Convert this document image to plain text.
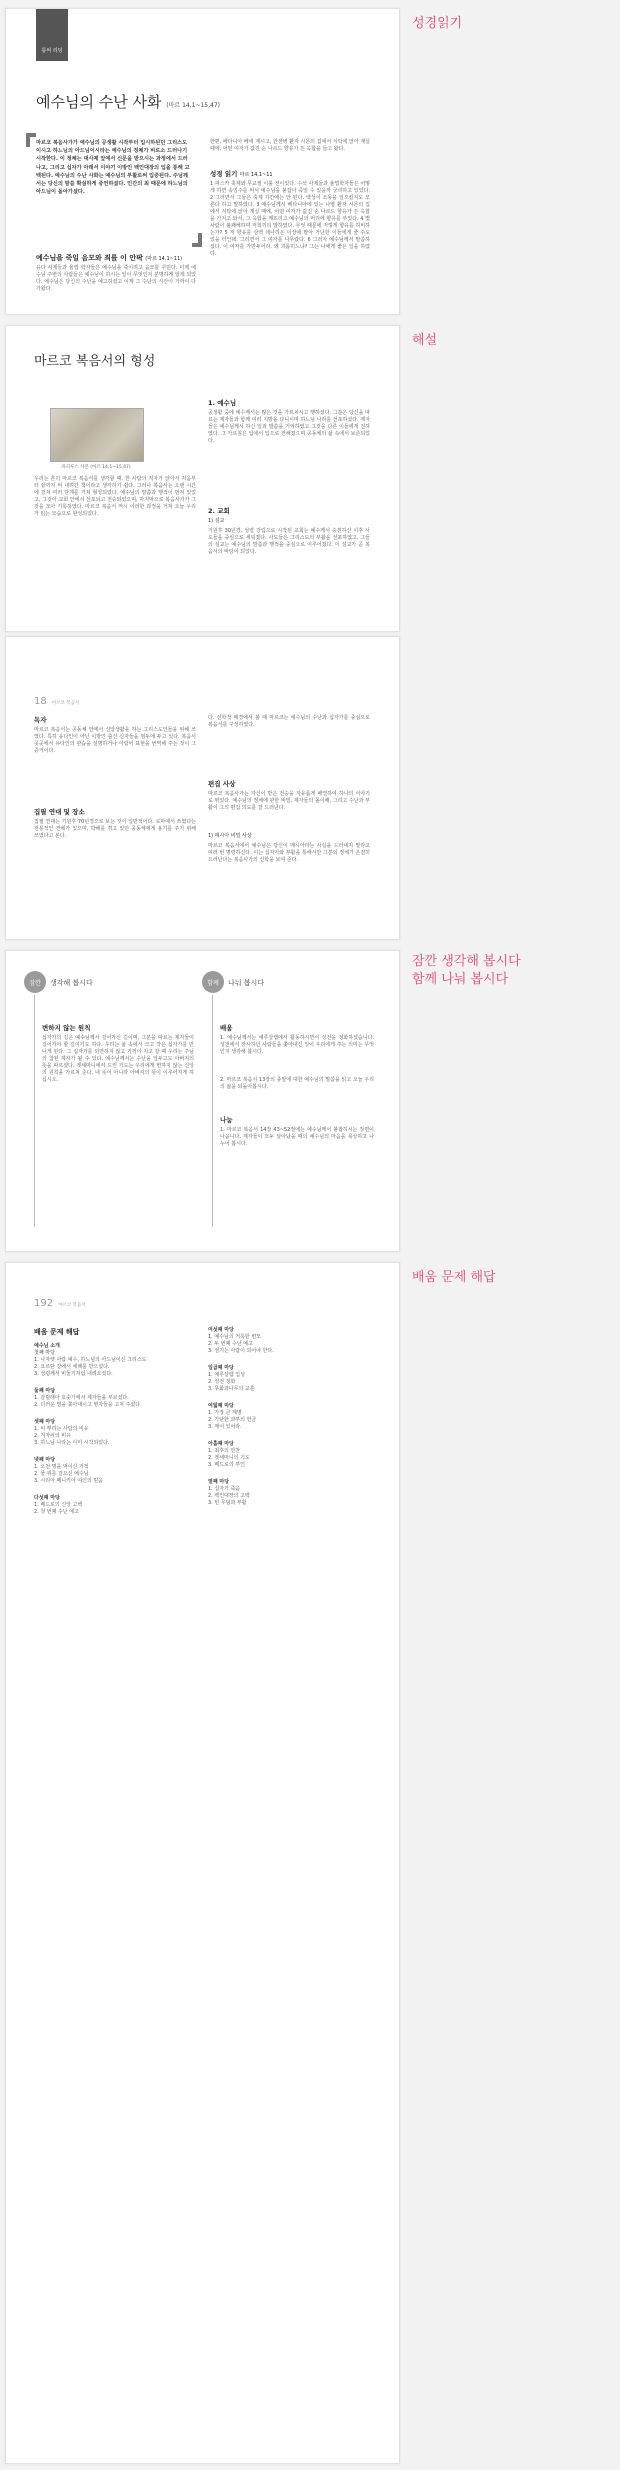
통써 리딩
예수님의 수난 사화 (마르 14,1~15,47)
마르코 복음사가가 예수님의 공생활 시작부터 입시하된던 그리스도이시고 하느님의 아드님이시라는 예수님의 정체가 비로소 드러나기 시작한다. 이 정체는 대사제 앞에서 신문을 받으시는 과정에서 드러나고, 그리고 십자가 아래서 이야기 이방인 백인대장의 입을 통해 고백된다. 예수님의 수난 사화는 예수님의 부활로써 입증된다. 주님께서는 당신의 말씀 확실하게 증언하셨다. 인간의 최 때문에 하느님의 아드님이 돌아가셨다.
예수님을 죽일 음모와 죄를 이 안팍 (마르 14,1~11)
유다 사제들과 율법 학자들은 예수님을 죽이려고 음모를 꾸민다. 이제 예수님 주변의 사람들은 예수님이 하시는 일이 무엇인지 분명하게 알게 되었다. 예수님은 당신의 수난을 예고하셨고 이제 그 수난의 시간이 가까이 다가왔다.
한편, 베다니아 베에 계시고, 한센병 환자 시몬의 집에서 식탁에 앉아 계실 때에, 어떤 여자가 값진 순 나르드 향유가 든 옥합을 들고 왔다.
성경 읽기 마르 14,1~11
1 파스카 축제와 무교절 이틀 전이었다. 수석 사제들과 율법학자들은 어떻게 하면 속임수를 써서 예수님을 붙잡아 죽일 수 있을까 궁리하고 있었다. 2 그러면서 그들은 축제 기간에는 안 된다. 백성이 소동을 일으킬지도 모른다 하고 말하였다. 3 예수님께서 베타니아에 있는 나병 환자 시몬의 집에서 식탁에 앉아 계실 때에, 어떤 여자가 값진 순 나르드 향유가 든 옥합을 가지고 와서, 그 옥합을 깨뜨리고 예수님의 머리에 향유를 부었다. 4 몇 사람이 불쾌해하며 저희끼리 말하였다. 무엇 때문에 저렇게 향유를 허비하는가? 5 저 향유를 삼백 데나리온 이상에 팔아 가난한 이들에게 줄 수도 있을 터인데. 그러면서 그 여자를 나무랐다. 6 그러자 예수님께서 말씀하셨다. 이 여자를 가만두어라. 왜 괴롭히느냐? 그는 나에게 좋은 일을 하였다.
성경읽기
마르코 복음서의 형성
파피루스 사본 (마르 14,1~15,47)
우리는 흔히 마르코 복음서를 생각할 때, 한 사람의 저자가 앉아서 처음부터 끝까지 써 내려간 책이라고 생각하기 쉽다. 그러나 복음서는 오랜 시간에 걸쳐 여러 단계를 거쳐 형성되었다. 예수님의 말씀과 행적이 먼저 있었고, 그것이 교회 안에서 선포되고 전승되었으며, 마지막으로 복음사가가 그것을 모아 기록하였다. 마르코 복음서 역시 이러한 과정을 거쳐 오늘 우리가 읽는 모습으로 완성되었다.
1. 예수님
공생활 중에 예수께서는 많은 것을 가르치시고 행하셨다. 그분은 당신을 따르는 제자들과 함께 여러 지방을 다니시며 하느님 나라를 선포하셨다. 제자들은 예수님께서 하신 일과 말씀을 기억하였고 그것을 다른 이들에게 전하였다. 그 가르침은 입에서 입으로 전해졌으며 공동체의 삶 속에서 보존되었다.
2. 교회
1) 설교
기원후 30년경, 성령 강림으로 시작된 교회는 예수께서 승천하신 이후 사도들을 중심으로 세워졌다. 사도들은 그리스도의 부활을 선포하였고, 그들의 설교는 예수님의 말씀과 행적을 중심으로 이루어졌다. 이 설교가 곧 복음서의 바탕이 되었다.
해설
18 마르코 복음서
독자
마르코 복음서는 공동체 안에서 신앙생활을 하는 그리스도인들을 위해 쓰였다. 특히 유다인이 아닌 이방인 출신 신자들을 염두에 두고 있다. 복음서 곳곳에서 유다인의 관습을 설명하거나 아람어 표현을 번역해 주는 것이 그 증거이다.
집필 연대 및 장소
집필 연대는 기원후 70년경으로 보는 것이 일반적이다. 로마에서 쓰였다는 전통적인 견해가 있으며, 박해를 겪고 있던 공동체에게 용기를 주기 위해 쓰였다고 본다.
다. 신학적 배경에서 볼 때 마르코는 예수님의 수난과 십자가를 중심으로 복음서를 구성하였다.
편집 사상
마르코 복음사가는 자신이 받은 전승을 자유롭게 배열하여 하나의 이야기로 엮었다. 예수님의 정체에 관한 비밀, 제자들의 몰이해, 그리고 수난과 부활이 그의 편집 의도를 잘 드러낸다.
1) 메시아 비밀 사상
마르코 복음서에서 예수님은 당신이 메시아라는 사실을 드러내지 말라고 여러 번 명령하신다. 이는 십자가와 부활을 통해서만 그분의 정체가 온전히 드러난다는 복음사가의 신학을 보여 준다.
잠깐	생각해 봅시다	함께	나눠 봅시다
변하지 않는 원칙
십자가의 길은 예수님께서 걸어가신 길이며, 그분을 따르는 제자들이 걸어가야 할 길이기도 하다. 우리는 삶 속에서 크고 작은 십자가를 만나게 된다. 그 십자가를 외면하지 않고 기꺼이 지고 갈 때 우리는 주님의 참된 제자가 될 수 있다. 예수님께서는 수난을 앞두고도 아버지의 뜻을 따르셨다. 겟세마니에서 드린 기도는 우리에게 변하지 않는 신앙의 원칙을 가르쳐 준다. 내 뜻이 아니라 아버지의 뜻이 이루어지게 하십시오.
배움
1. 예수님께서는 예루살렘에서 활동하시면서 성전을 정화하셨습니다. 성전에서 장사하던 사람들을 쫓아내신 일이 우리에게 주는 의미는 무엇인지 생각해 봅시다.
2. 마르코 복음서 13장의 종말에 대한 예수님의 말씀을 읽고 오늘 우리의 삶을 되돌아봅시다.
나눔
1. 마르코 복음서 14장 43~52절에는 예수님께서 붙잡히시는 장면이 나옵니다. 제자들이 모두 달아났을 때의 예수님의 마음을 묵상하고 나누어 봅시다.
잠깐 생각해 봅시다
함께 나눠 봅시다
192 마르코 복음서
배움 문제 해답
예수님 소개
첫째 마당
1. 나자렛 사람 예수, 하느님의 아드님이신 그리스도
2. 요르단 강에서 세례를 받으셨다.
3. 성령께서 비둘기처럼 내려오셨다.
둘째 마당
1. 갈릴래아 호숫가에서 제자들을 부르셨다.
2. 더러운 영을 쫓아내시고 병자들을 고쳐 주셨다.
셋째 마당
1. 씨 뿌리는 사람의 비유
2. 겨자씨의 비유
3. 하느님 나라는 이미 시작되었다.
넷째 마당
1. 오천 명을 먹이신 기적
2. 물 위를 걸으신 예수님
3. 시리아 페니키아 여인의 믿음
다섯째 마당
1. 베드로의 신앙 고백
2. 첫 번째 수난 예고
여섯째 마당
1. 예수님의 거룩한 변모
2. 두 번째 수난 예고
3. 섬기는 사람이 되어야 한다.
일곱째 마당
1. 예루살렘 입성
2. 성전 정화
3. 무화과나무의 교훈
여덟째 마당
1. 가장 큰 계명
2. 가난한 과부의 헌금
3. 깨어 있어라.
아홉째 마당
1. 최후의 만찬
2. 겟세마니의 기도
3. 베드로의 부인
열째 마당
1. 십자가 죽음
2. 백인대장의 고백
3. 빈 무덤과 부활
배움 문제 해답
